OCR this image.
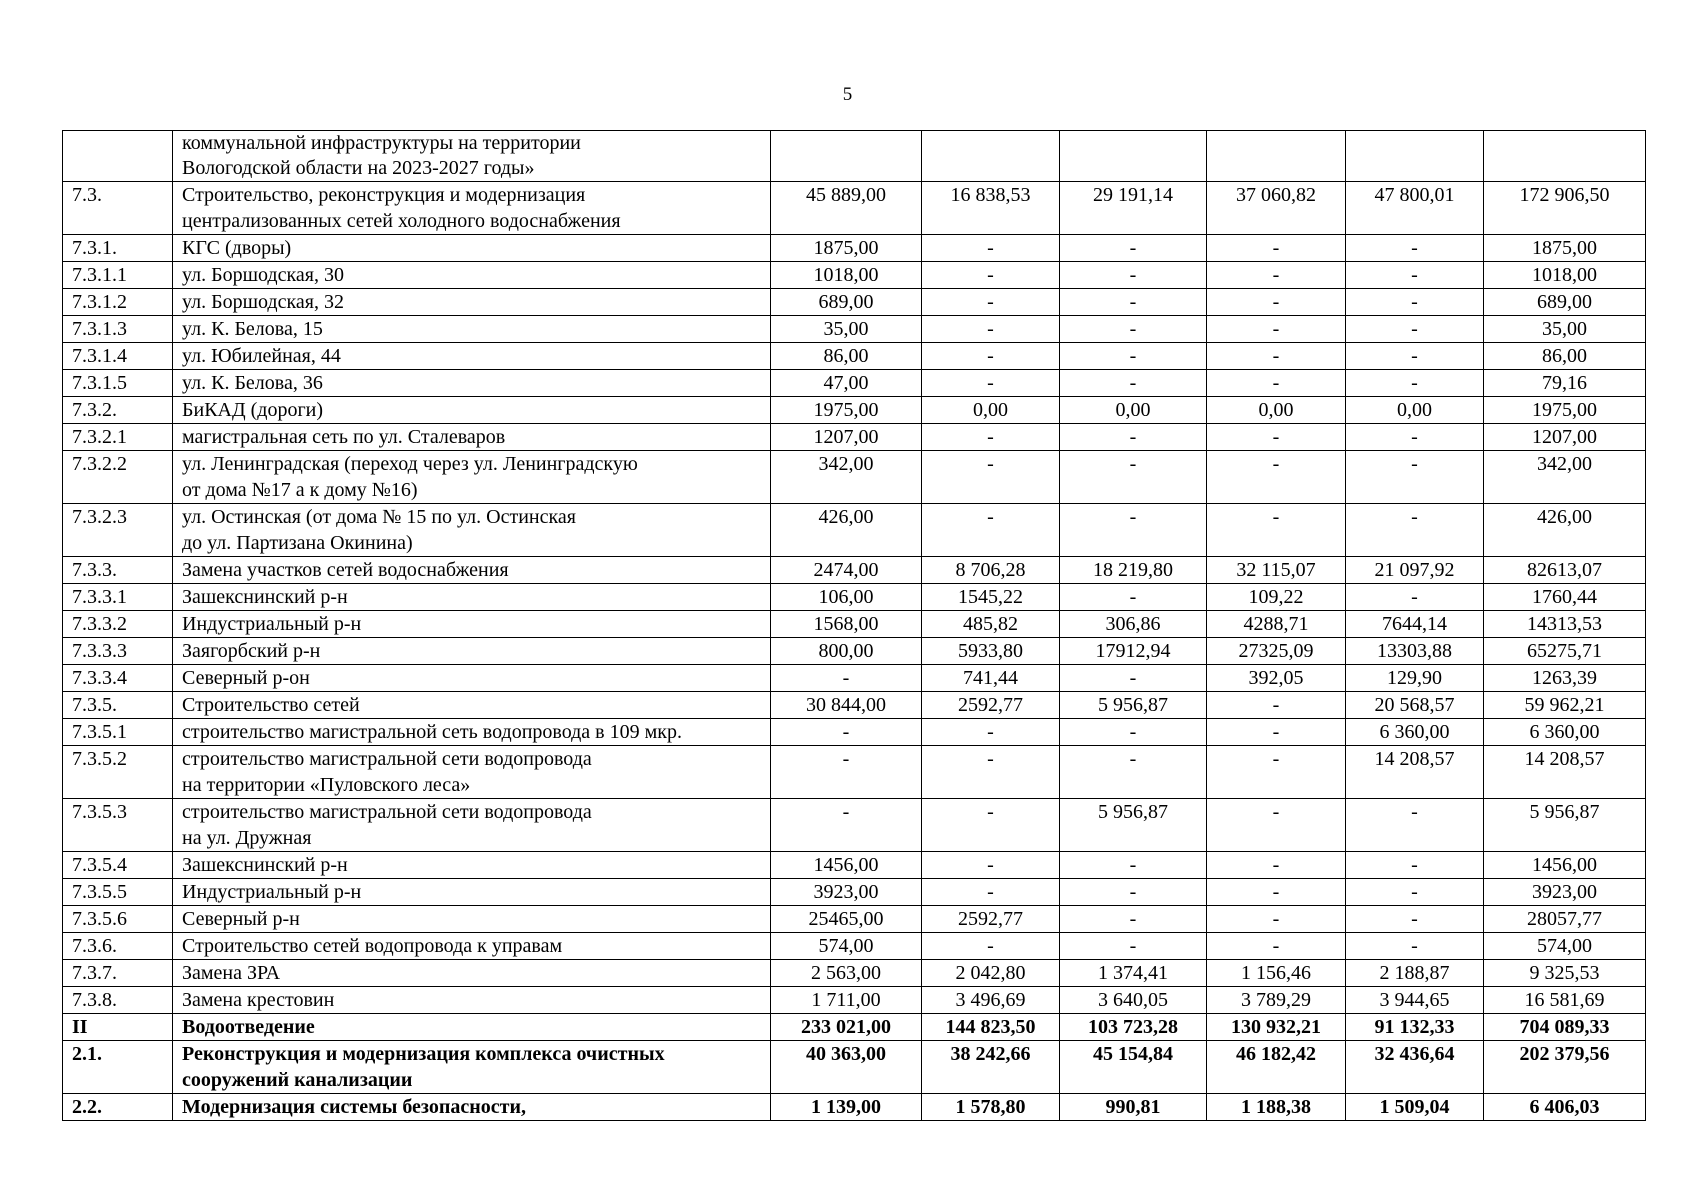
5

	коммунальной инфраструктуры на территории
Вологодской области на 2023-2027 годы»						

7.3.	Строительство, реконструкция и модернизация
централизованных сетей холодного водоснабжения	45 889,00	16 838,53	29 191,14	37 060,82	47 800,01	172 906,50
7.3.1.	КГС (дворы)	1875,00	-	-	-	-	1875,00
7.3.1.1	ул. Боршодская, 30	1018,00	-	-	-	-	1018,00
7.3.1.2	ул. Боршодская, 32	689,00	-	-	-	-	689,00
7.3.1.3	ул. К. Белова, 15	35,00	-	-	-	-	35,00
7.3.1.4	ул. Юбилейная, 44	86,00	-	-	-	-	86,00
7.3.1.5	ул. К. Белова, 36	47,00	-	-	-	-	79,16
7.3.2.	БиКАД (дороги)	1975,00	0,00	0,00	0,00	0,00	1975,00
7.3.2.1	магистральная сеть по ул. Сталеваров	1207,00	-	-	-	-	1207,00
7.3.2.2	ул. Ленинградская (переход через ул. Ленинградскую
от дома №17 а к дому №16)	342,00	-	-	-	-	342,00
7.3.2.3	ул. Остинская (от дома № 15 по ул. Остинская
до ул. Партизана Окинина)	426,00	-	-	-	-	426,00
7.3.3.	Замена участков сетей водоснабжения	2474,00	8 706,28	18 219,80	32 115,07	21 097,92	82613,07
7.3.3.1	Зашекснинский р-н	106,00	1545,22	-	109,22	-	1760,44
7.3.3.2	Индустриальный р-н	1568,00	485,82	306,86	4288,71	7644,14	14313,53
7.3.3.3	Заягорбский р-н	800,00	5933,80	17912,94	27325,09	13303,88	65275,71
7.3.3.4	Северный р-он	-	741,44	-	392,05	129,90	1263,39
7.3.5.	Строительство сетей	30 844,00	2592,77	5 956,87	-	20 568,57	59 962,21
7.3.5.1	строительство магистральной сеть водопровода в 109 мкр.	-	-	-	-	6 360,00	6 360,00
7.3.5.2	строительство магистральной сети водопровода
на территории «Пуловского леса»	-	-	-	-	14 208,57	14 208,57
7.3.5.3	строительство магистральной сети водопровода
на ул. Дружная	-	-	5 956,87	-	-	5 956,87
7.3.5.4	Зашекснинский р-н	1456,00	-	-	-	-	1456,00
7.3.5.5	Индустриальный р-н	3923,00	-	-	-	-	3923,00
7.3.5.6	Северный р-н	25465,00	2592,77	-	-	-	28057,77
7.3.6.	Строительство сетей водопровода к управам	574,00	-	-	-	-	574,00
7.3.7.	Замена ЗРА	2 563,00	2 042,80	1 374,41	1 156,46	2 188,87	9 325,53
7.3.8.	Замена крестовин	1 711,00	3 496,69	3 640,05	3 789,29	3 944,65	16 581,69
II	Водоотведение	233 021,00	144 823,50	103 723,28	130 932,21	91 132,33	704 089,33
2.1.	Реконструкция и модернизация комплекса очистных
сооружений канализации	40 363,00	38 242,66	45 154,84	46 182,42	32 436,64	202 379,56
2.2.	Модернизация системы безопасности,	1 139,00	1 578,80	990,81	1 188,38	1 509,04	6 406,03
